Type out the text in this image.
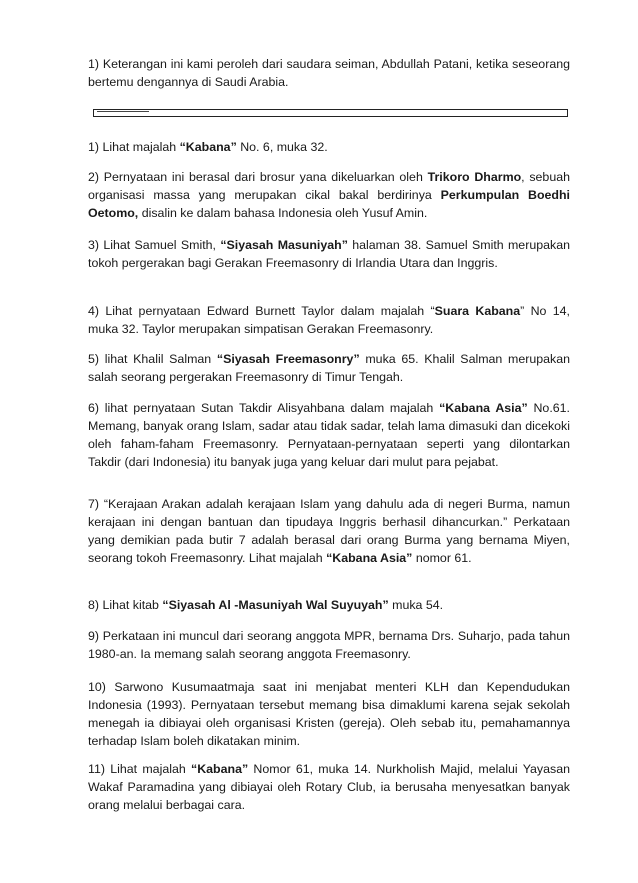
1) Keterangan ini kami peroleh dari saudara seiman, Abdullah Patani, ketika seseorang bertemu dengannya di Saudi Arabia.

1) Lihat majalah “Kabana” No. 6, muka 32.

2) Pernyataan ini berasal dari brosur yana dikeluarkan oleh Trikoro Dharmo, sebuah organisasi massa yang merupakan cikal bakal berdirinya Perkumpulan Boedhi Oetomo, disalin ke dalam bahasa Indonesia oleh Yusuf Amin.

3) Lihat Samuel Smith, “Siyasah Masuniyah” halaman 38. Samuel Smith merupakan tokoh pergerakan bagi Gerakan Freemasonry di Irlandia Utara dan Inggris.

4) Lihat pernyataan Edward Burnett Taylor dalam majalah “Suara Kabana” No 14, muka 32. Taylor merupakan simpatisan Gerakan Freemasonry.

5) lihat Khalil Salman “Siyasah Freemasonry” muka 65. Khalil Salman merupakan salah seorang pergerakan Freemasonry di Timur Tengah.

6) lihat pernyataan Sutan Takdir Alisyahbana dalam majalah “Kabana Asia” No.61. Memang, banyak orang Islam, sadar atau tidak sadar, telah lama dimasuki dan dicekoki oleh faham-faham Freemasonry. Pernyataan-pernyataan seperti yang dilontarkan Takdir (dari Indonesia) itu banyak juga yang keluar dari mulut para pejabat.

7) “Kerajaan Arakan adalah kerajaan Islam yang dahulu ada di negeri Burma, namun kerajaan ini dengan bantuan dan tipudaya Inggris berhasil dihancurkan.” Perkataan yang demikian pada butir 7 adalah berasal dari orang Burma yang bernama Miyen, seorang tokoh Freemasonry. Lihat majalah “Kabana Asia” nomor 61.

8) Lihat kitab “Siyasah Al -Masuniyah Wal Suyuyah” muka 54.

9) Perkataan ini muncul dari seorang anggota MPR, bernama Drs. Suharjo, pada tahun 1980-an. Ia memang salah seorang anggota Freemasonry.

10) Sarwono Kusumaatmaja saat ini menjabat menteri KLH dan Kependudukan Indonesia (1993). Pernyataan tersebut memang bisa dimaklumi karena sejak sekolah menegah ia dibiayai oleh organisasi Kristen (gereja). Oleh sebab itu, pemahamannya terhadap Islam boleh dikatakan minim.

11) Lihat majalah “Kabana” Nomor 61, muka 14. Nurkholish Majid, melalui Yayasan Wakaf Paramadina yang dibiayai oleh Rotary Club, ia berusaha menyesatkan banyak orang melalui berbagai cara.
